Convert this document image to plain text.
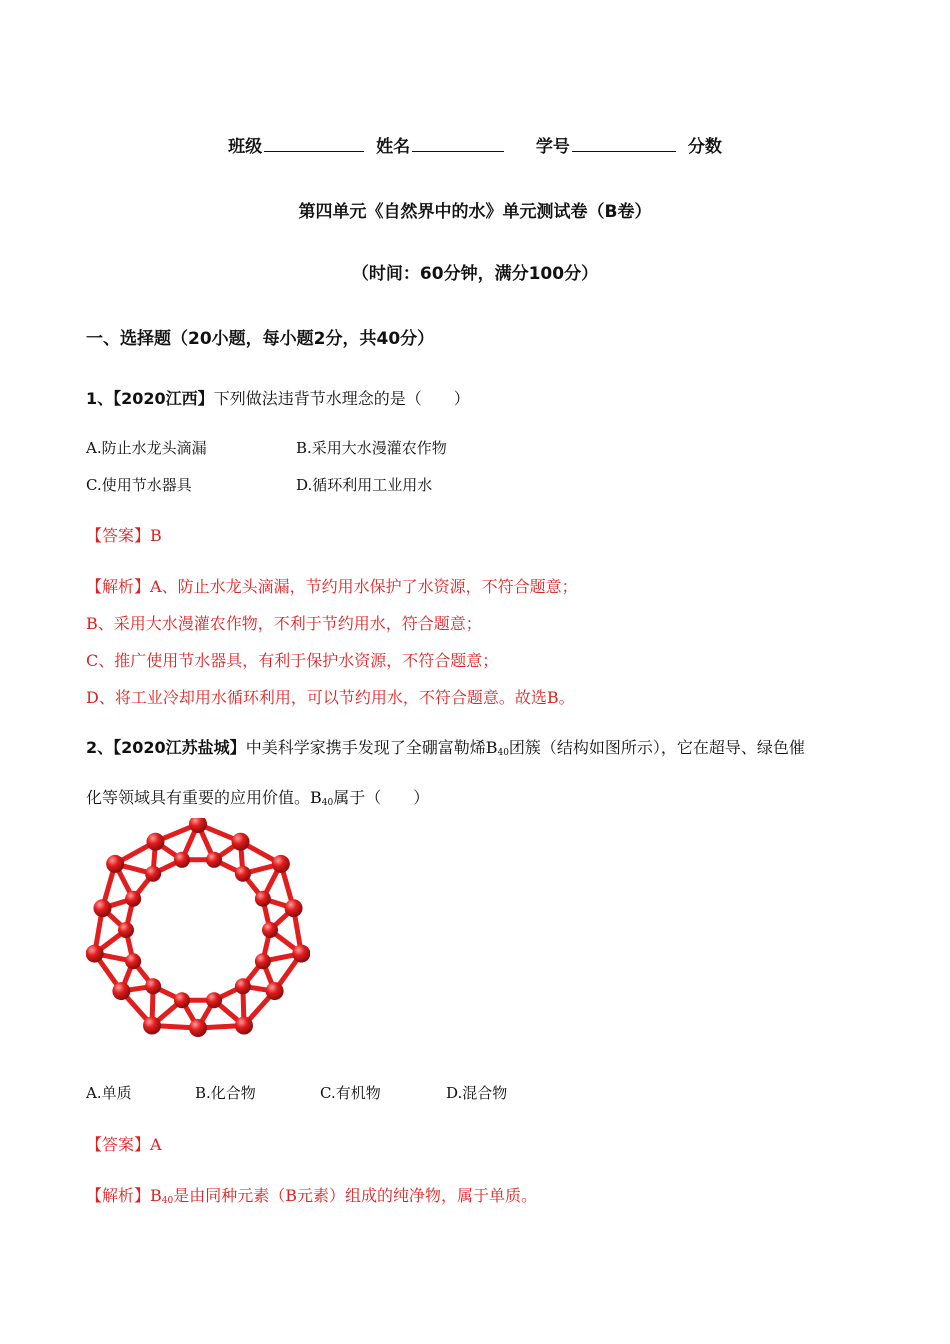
班级	姓名	学号	分数
第四单元《自然界中的水》单元测试卷（B卷）
（时间：60分钟，满分100分）
一、选择题（20小题，每小题2分，共40分）
1、【2020江西】下列做法违背节水理念的是（　　）
A.防止水龙头滴漏	B.采用大水漫灌农作物
C.使用节水器具	D.循环利用工业用水
【答案】B
【解析】A、防止水龙头滴漏，节约用水保护了水资源，不符合题意；
B、采用大水漫灌农作物，不利于节约用水，符合题意；
C、推广使用节水器具，有利于保护水资源，不符合题意；
D、将工业冷却用水循环利用，可以节约用水，不符合题意。故选B。
2、【2020江苏盐城】中美科学家携手发现了全硼富勒烯$B_{40}$团簇（结构如图所示），它在超导、绿色催
化等领域具有重要的应用价值。$B_{40}$属于（　　）
A.单质	B.化合物	C.有机物	D.混合物
【答案】A
【解析】$B_{40}$是由同种元素（B元素）组成的纯净物，属于单质。
